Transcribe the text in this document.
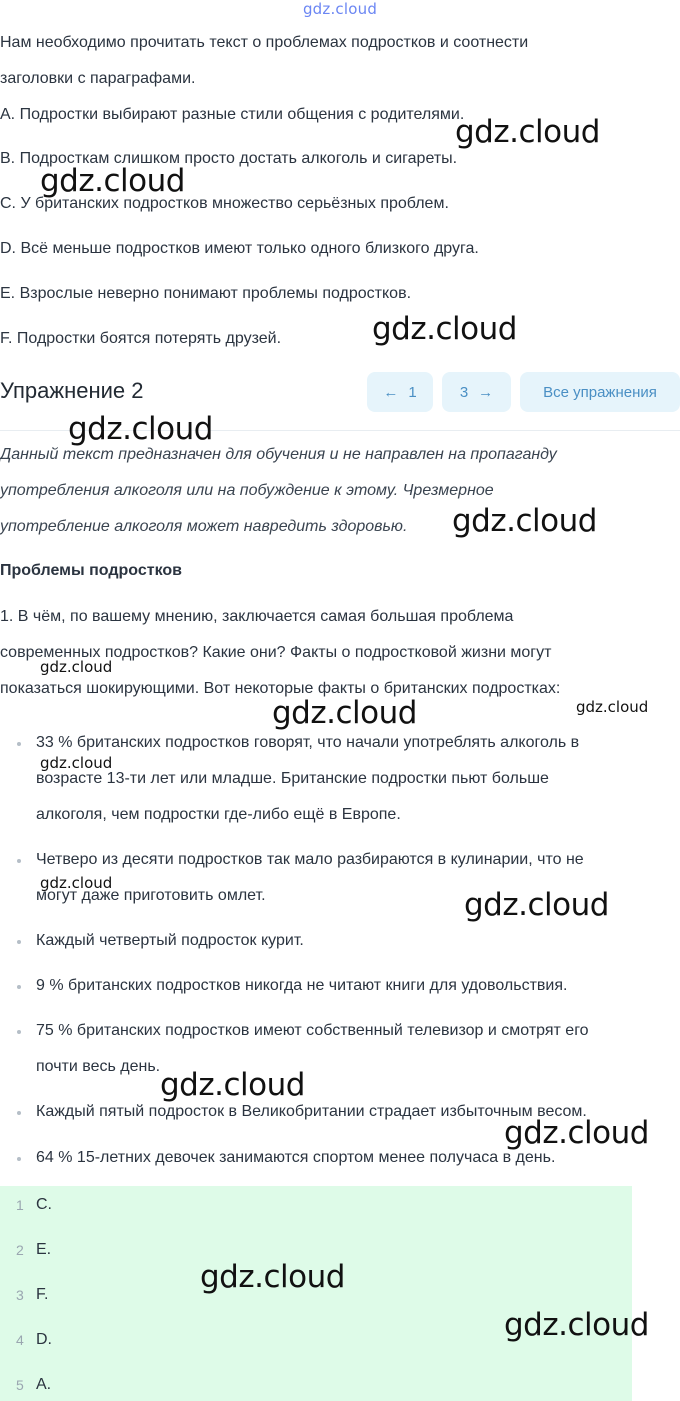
gdz.cloud

Нам необходимо прочитать текст о проблемах подростков и соотнести

заголовки с параграфами.

A. Подростки выбирают разные стили общения с родителями.

B. Подросткам слишком просто достать алкоголь и сигареты.

C. У британских подростков множество серьёзных проблем.

D. Всё меньше подростков имеют только одного близкого друга.

E. Взрослые неверно понимают проблемы подростков.

F. Подростки боятся потерять друзей.

Упражнение 2	← 1	3 →	Все упражнения

Данный текст предназначен для обучения и не направлен на пропаганду

употребления алкоголя или на побуждение к этому. Чрезмерное

употребление алкоголя может навредить здоровью.

Проблемы подростков

1. В чём, по вашему мнению, заключается самая большая проблема

современных подростков? Какие они? Факты о подростковой жизни могут

показаться шокирующими. Вот некоторые факты о британских подростках:

33 % британских подростков говорят, что начали употреблять алкоголь в

возрасте 13-ти лет или младше. Британские подростки пьют больше

алкоголя, чем подростки где-либо ещё в Европе.

Четверо из десяти подростков так мало разбираются в кулинарии, что не

могут даже приготовить омлет.

Каждый четвертый подросток курит.

9 % британских подростков никогда не читают книги для удовольствия.

75 % британских подростков имеют собственный телевизор и смотрят его

почти весь день.

Каждый пятый подросток в Великобритании страдает избыточным весом.

64 % 15-летних девочек занимаются спортом менее получаса в день.

1 C.
2 E.
3 F.
4 D.
5 A.
gdz.cloud
gdz.cloud
gdz.cloud
gdz.cloud
gdz.cloud
gdz.cloud
gdz.cloud	gdz.cloud
gdz.cloud
gdz.cloud
gdz.cloud
gdz.cloud
gdz.cloud
gdz.cloud
gdz.cloud
